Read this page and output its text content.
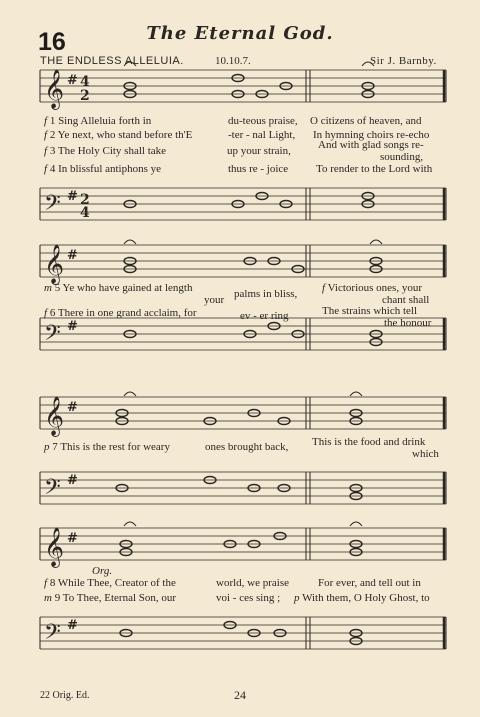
𝄞 # 4
2
𝄢 # 2
4
𝄞 #
𝄢 #
𝄞 #
𝄢 #
𝄞 #
𝄢 #
16	The Eternal God.
THE ENDLESS ALLELUIA.	10.10.7.	Sir J. Barnby.
f 1 Sing Alleluia forth in	du-teous praise, O citizens of heaven, and
f 2 Ye next, who stand before th'E	-ter - nal Light, In hymning choirs re-echo
f 3 The Holy City shall take	up your strain, And with glad songs re-
sounding,
f 4 In blissful antiphons ye	thus re - joice	To render to the Lord with
m 5 Ye who have gained at length
your palms in bliss, f Victorious ones, your
chant shall
f 6 There in one grand acclaim, for	ev - er ring	The strains which tell
the honour
p 7 This is the rest for weary	ones brought back, This is the food and drink
which
Org.
f 8 While Thee, Creator of the	world, we praise	For ever, and tell out in
m 9 To Thee, Eternal Son, our	voi - ces sing ; p With them, O Holy Ghost, to
22 Orig. Ed.	24
